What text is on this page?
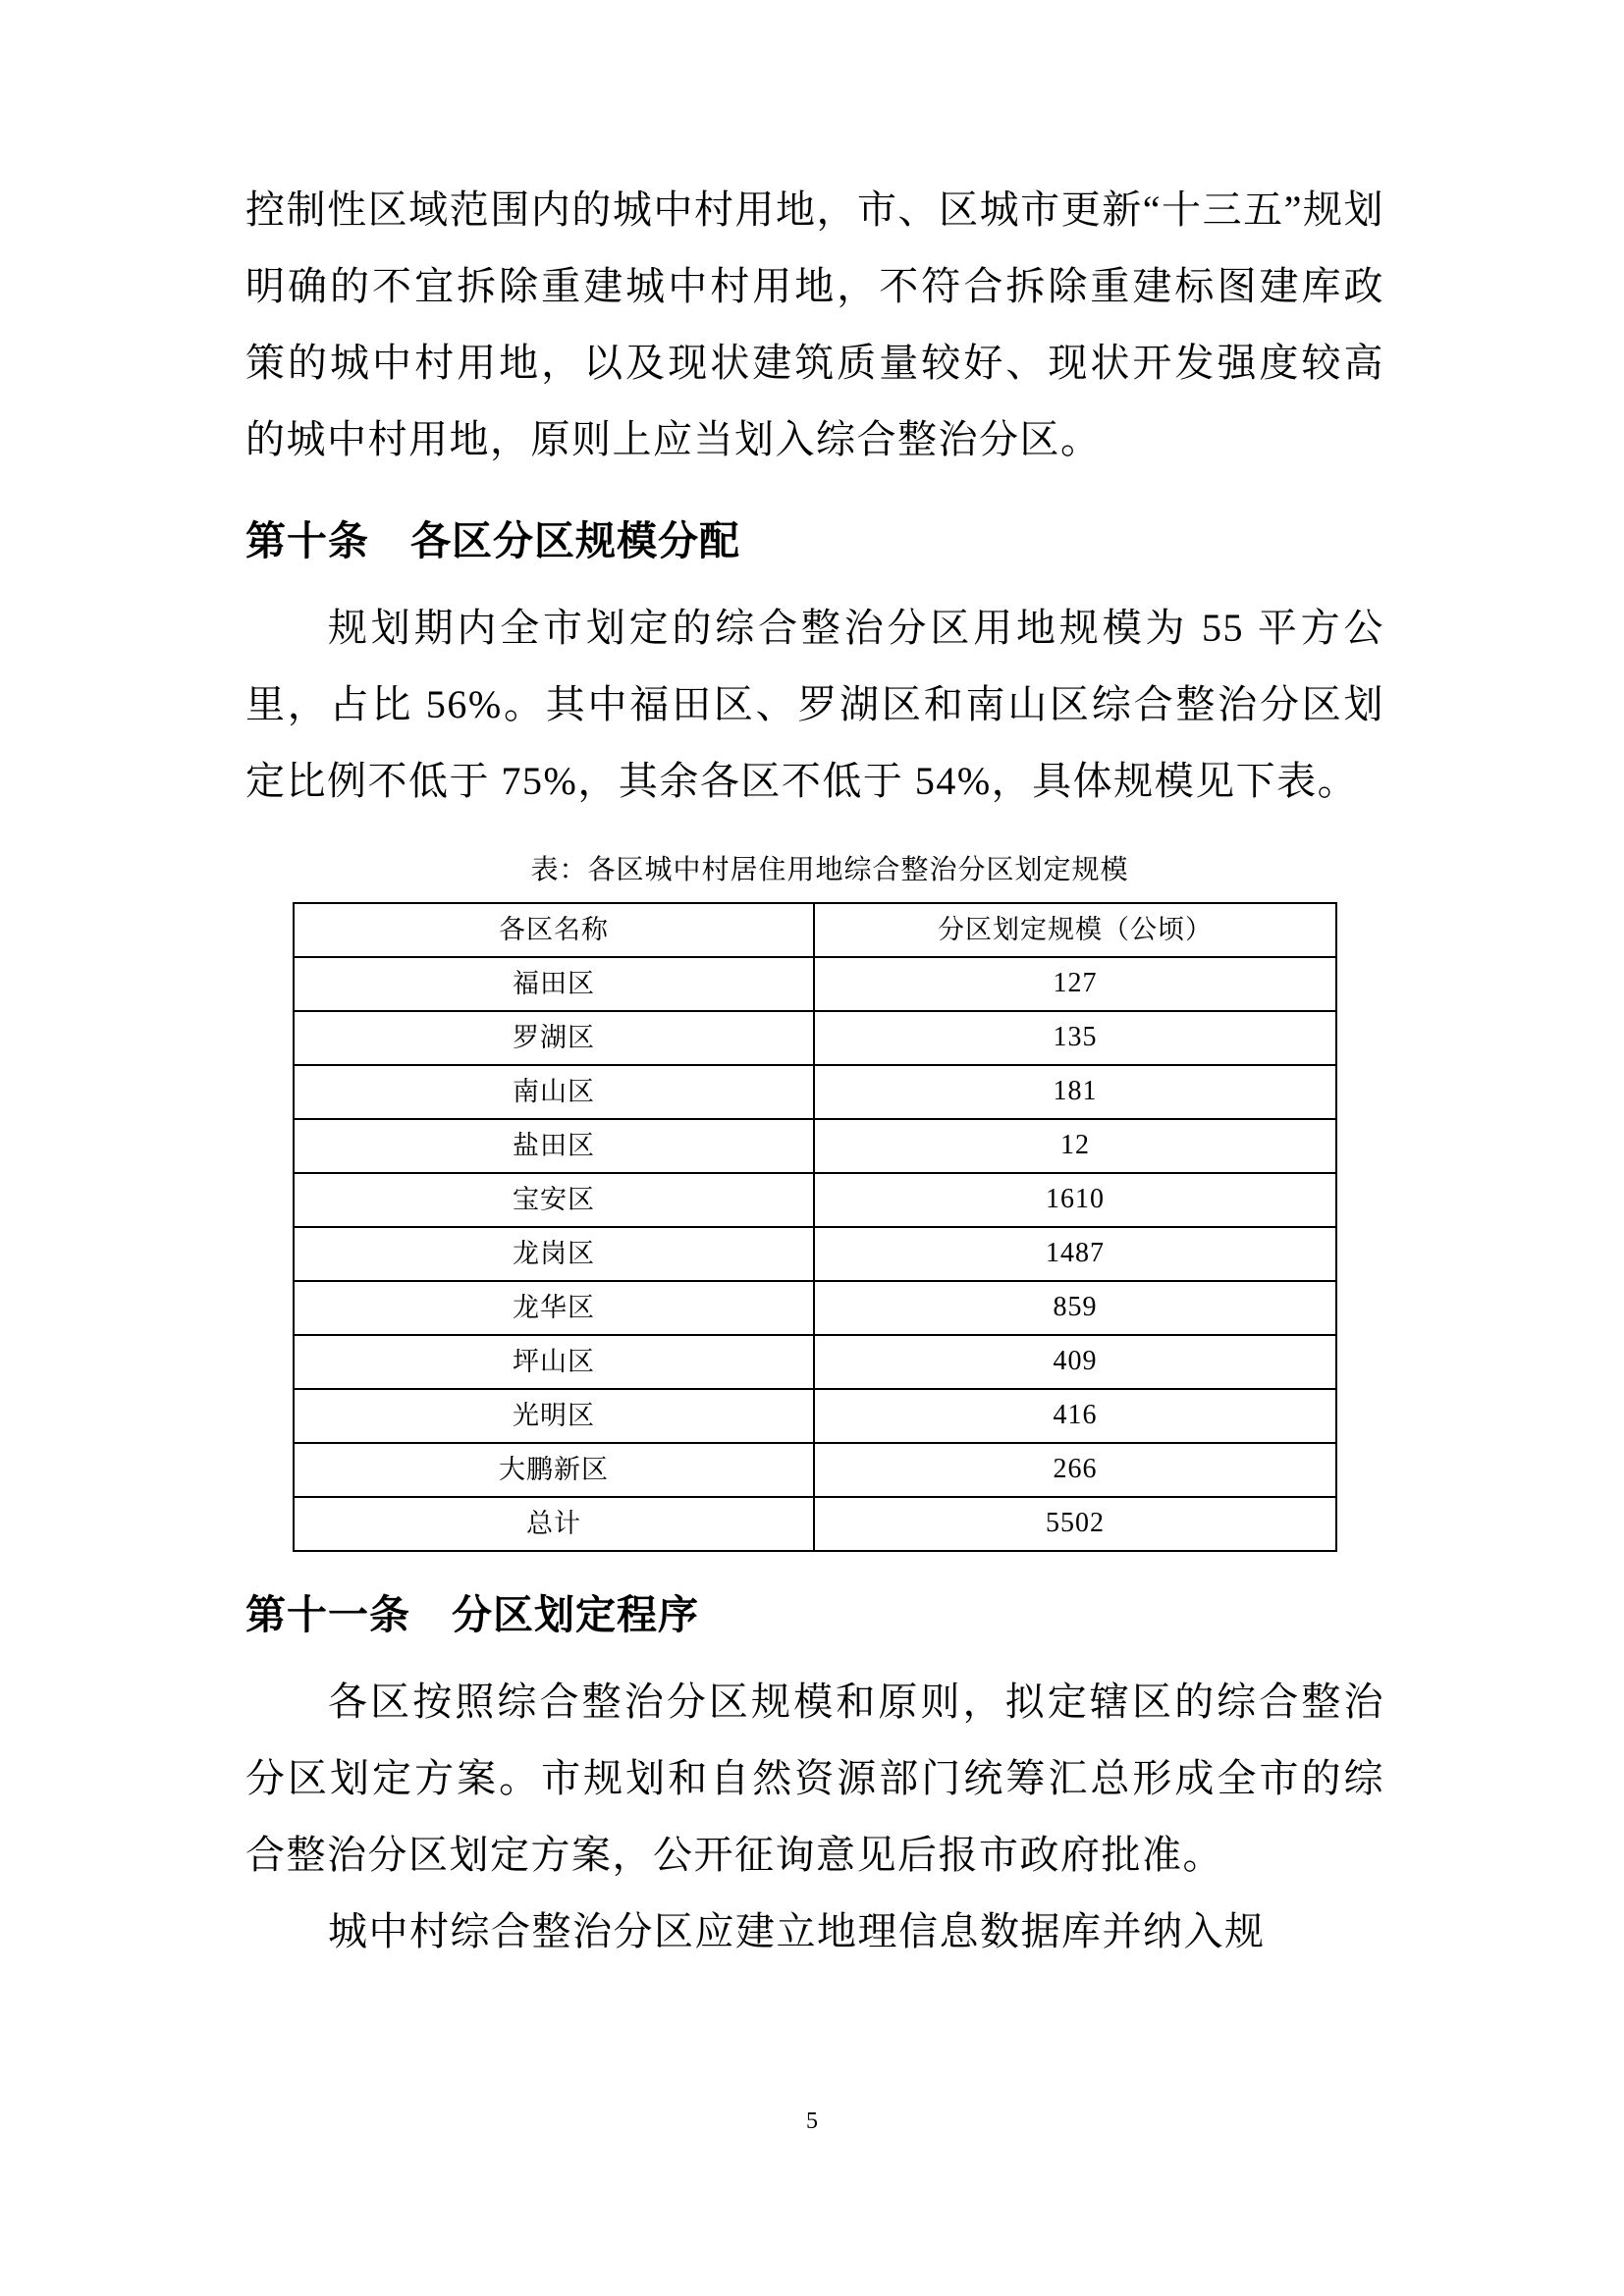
控制性区域范围内的城中村用地，市、区城市更新“十三五”规划明确的不宜拆除重建城中村用地，不符合拆除重建标图建库政策的城中村用地，以及现状建筑质量较好、现状开发强度较高的城中村用地，原则上应当划入综合整治分区。

第十条 各区分区规模分配

规划期内全市划定的综合整治分区用地规模为 55 平方公里，占比 56%。其中福田区、罗湖区和南山区综合整治分区划定比例不低于 75%，其余各区不低于 54%，具体规模见下表。

表：各区城中村居住用地综合整治分区划定规模
各区名称	分区划定规模（公顷）
福田区	127
罗湖区	135
南山区	181
盐田区	12
宝安区	1610
龙岗区	1487
龙华区	859
坪山区	409
光明区	416
大鹏新区	266
总计	5502
第十一条 分区划定程序

各区按照综合整治分区规模和原则，拟定辖区的综合整治分区划定方案。市规划和自然资源部门统筹汇总形成全市的综合整治分区划定方案，公开征询意见后报市政府批准。

城中村综合整治分区应建立地理信息数据库并纳入规

5
